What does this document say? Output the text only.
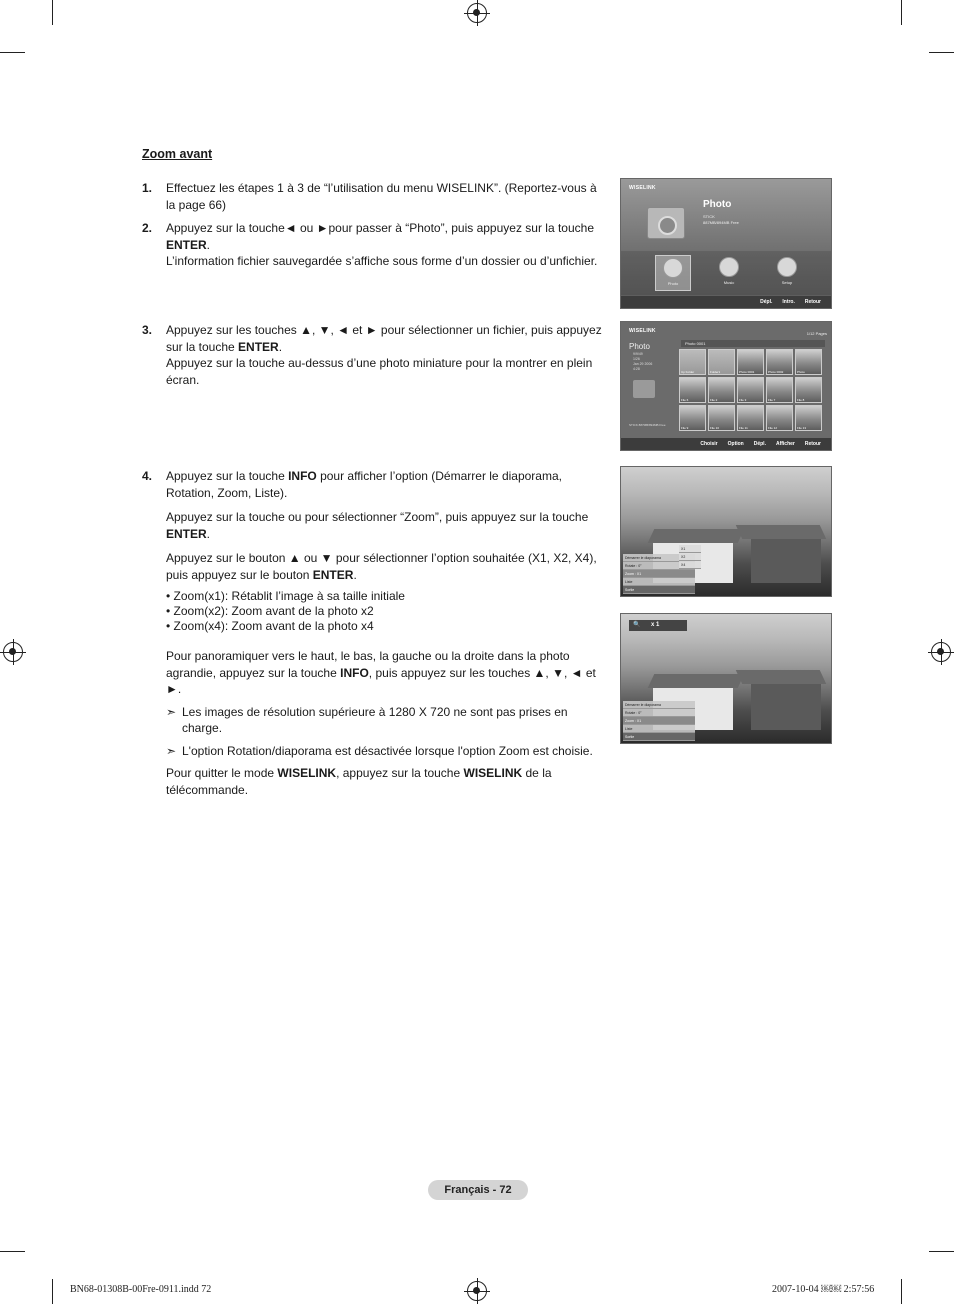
Zoom avant
1. Effectuez les étapes 1 à 3 de “l’utilisation du menu WISELINK”. (Reportez-vous à la page 66)

2. Appuyez sur la touche◄ ou ►pour passer à “Photo”, puis appuyez sur la touche ENTER.
L’information fichier sauvegardée s’affiche sous forme d’un dossier ou d’unfichier.

3. Appuyez sur les touches ▲, ▼, ◄ et ► pour sélectionner un fichier, puis appuyez sur la touche ENTER.
Appuyez sur la touche au-dessus d’une photo miniature pour la montrer en plein écran.

4. Appuyez sur la touche INFO pour afficher l’option (Démarrer le diaporama, Rotation, Zoom, Liste).

Appuyez sur la touche ou pour sélectionner “Zoom”, puis appuyez sur la touche ENTER.

Appuyez sur le bouton ▲ ou ▼ pour sélectionner l’option souhaitée (X1, X2, X4), puis appuyez sur le bouton ENTER.

• Zoom(x1): Rétablit l’image à sa taille initiale
• Zoom(x2): Zoom avant de la photo x2
• Zoom(x4): Zoom avant de la photo x4

Pour panoramiquer vers le haut, le bas, la gauche ou la droite dans la photo agrandie, appuyez sur la touche INFO, puis appuyez sur les touches ▲, ▼, ◄ et ►.

➣ Les images de résolution supérieure à 1280 X 720 ne sont pas prises en charge.
➣ L'option Rotation/diaporama est désactivée lorsque l'option Zoom est choisie.

Pour quitter le mode WISELINK, appuyez sur la touche WISELINK de la télécommande.

WISELINK
Photo
STICK
887MB/894MB Free
Photo	Music	Setup
Dépl. Intro. Retour
WISELINK	1/12 Pages
Photo
9/9/49
1/26
Jan 29 2006
4:28
STICK 887MB/894MB Free
Photo 0001
Up Folder	Folder1	Photo 0001	Photo 0002	Photo
File 6	File 2	File 3	File 7	File 8
File 9	File 10	File 11	File 12	File 13
Choisir Option Dépl. Afficher Retour
Démarrer le diaporama
Rotate : 0°
Zoom : X1
Liste
Sortie
X1
X2
X4
🔍 x 1
Démarrer le diaporama
Rotate : 0°
Zoom : X1
Liste
Sortie
Français - 72
BN68-01308B-00Fre-0911.indd 72	2007-10-04 ￼￼ 2:57:56
